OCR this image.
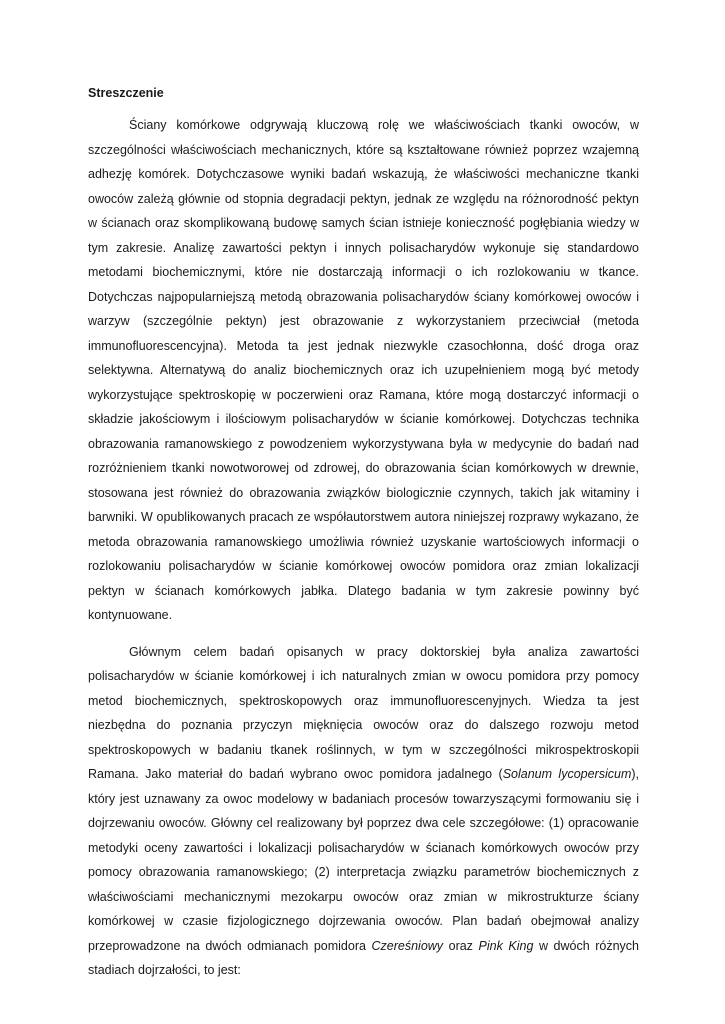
Streszczenie

Ściany komórkowe odgrywają kluczową rolę we właściwościach tkanki owoców, w szczególności właściwościach mechanicznych, które są kształtowane również poprzez wzajemną adhezję komórek. Dotychczasowe wyniki badań wskazują, że właściwości mechaniczne tkanki owoców zależą głównie od stopnia degradacji pektyn, jednak ze względu na różnorodność pektyn w ścianach oraz skomplikowaną budowę samych ścian istnieje konieczność pogłębiania wiedzy w tym zakresie. Analizę zawartości pektyn i innych polisacharydów wykonuje się standardowo metodami biochemicznymi, które nie dostarczają informacji o ich rozlokowaniu w tkance. Dotychczas najpopularniejszą metodą obrazowania polisacharydów ściany komórkowej owoców i warzyw (szczególnie pektyn) jest obrazowanie z wykorzystaniem przeciwciał (metoda immunofluorescencyjna). Metoda ta jest jednak niezwykle czasochłonna, dość droga oraz selektywna. Alternatywą do analiz biochemicznych oraz ich uzupełnieniem mogą być metody wykorzystujące spektroskopię w poczerwieni oraz Ramana, które mogą dostarczyć informacji o składzie jakościowym i ilościowym polisacharydów w ścianie komórkowej. Dotychczas technika obrazowania ramanowskiego z powodzeniem wykorzystywana była w medycynie do badań nad rozróżnieniem tkanki nowotworowej od zdrowej, do obrazowania ścian komórkowych w drewnie, stosowana jest również do obrazowania związków biologicznie czynnych, takich jak witaminy i barwniki. W opublikowanych pracach ze współautorstwem autora niniejszej rozprawy wykazano, że metoda obrazowania ramanowskiego umożliwia również uzyskanie wartościowych informacji o rozlokowaniu polisacharydów w ścianie komórkowej owoców pomidora oraz zmian lokalizacji pektyn w ścianach komórkowych jabłka. Dlatego badania w tym zakresie powinny być kontynuowane.

Głównym celem badań opisanych w pracy doktorskiej była analiza zawartości polisacharydów w ścianie komórkowej i ich naturalnych zmian w owocu pomidora przy pomocy metod biochemicznych, spektroskopowych oraz immunofluorescenyjnych. Wiedza ta jest niezbędna do poznania przyczyn mięknięcia owoców oraz do dalszego rozwoju metod spektroskopowych w badaniu tkanek roślinnych, w tym w szczególności mikrospektroskopii Ramana. Jako materiał do badań wybrano owoc pomidora jadalnego (Solanum lycopersicum), który jest uznawany za owoc modelowy w badaniach procesów towarzyszącymi formowaniu się i dojrzewaniu owoców. Główny cel realizowany był poprzez dwa cele szczegółowe: (1) opracowanie metodyki oceny zawartości i lokalizacji polisacharydów w ścianach komórkowych owoców przy pomocy obrazowania ramanowskiego; (2) interpretacja związku parametrów biochemicznych z właściwościami mechanicznymi mezokarpu owoców oraz zmian w mikrostrukturze ściany komórkowej w czasie fizjologicznego dojrzewania owoców. Plan badań obejmował analizy przeprowadzone na dwóch odmianach pomidora Czereśniowy oraz Pink King w dwóch różnych stadiach dojrzałości, to jest:
